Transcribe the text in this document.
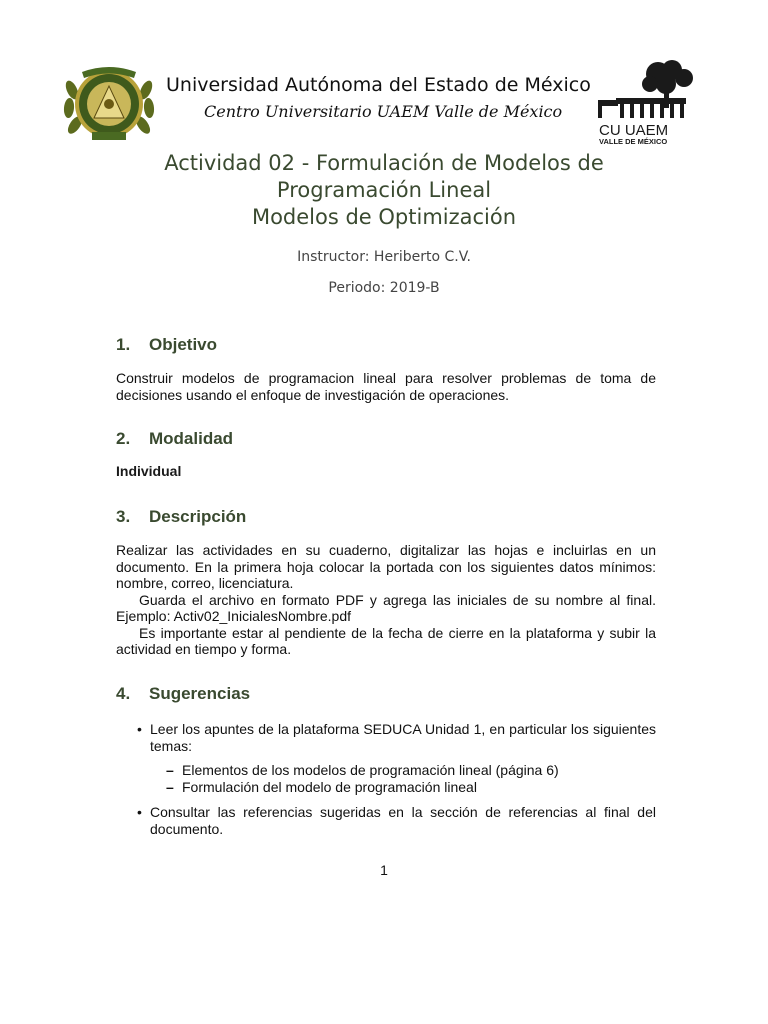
Universidad Autónoma del Estado de México
Centro Universitario UAEM Valle de México
CU UAEM
VALLE DE MÉXICO
Actividad 02 - Formulación de Modelos de
Programación Lineal
Modelos de Optimización
Instructor: Heriberto C.V.
Periodo: 2019-B
1.	Objetivo
Construir modelos de programacion lineal para resolver problemas de toma de decisiones usando el enfoque de investigación de operaciones.
2.	Modalidad
Individual
3.	Descripción
Realizar las actividades en su cuaderno, digitalizar las hojas e incluirlas en un documento. En la primera hoja colocar la portada con los siguientes datos mínimos: nombre, correo, licenciatura.
Guarda el archivo en formato PDF y agrega las iniciales de su nombre al final. Ejemplo: Activ02_InicialesNombre.pdf
Es importante estar al pendiente de la fecha de cierre en la plataforma y subir la actividad en tiempo y forma.
4.	Sugerencias
• Leer los apuntes de la plataforma SEDUCA Unidad 1, en particular los siguientes temas:
– Elementos de los modelos de programación lineal (página 6)
– Formulación del modelo de programación lineal
• Consultar las referencias sugeridas en la sección de referencias al final del documento.
1
